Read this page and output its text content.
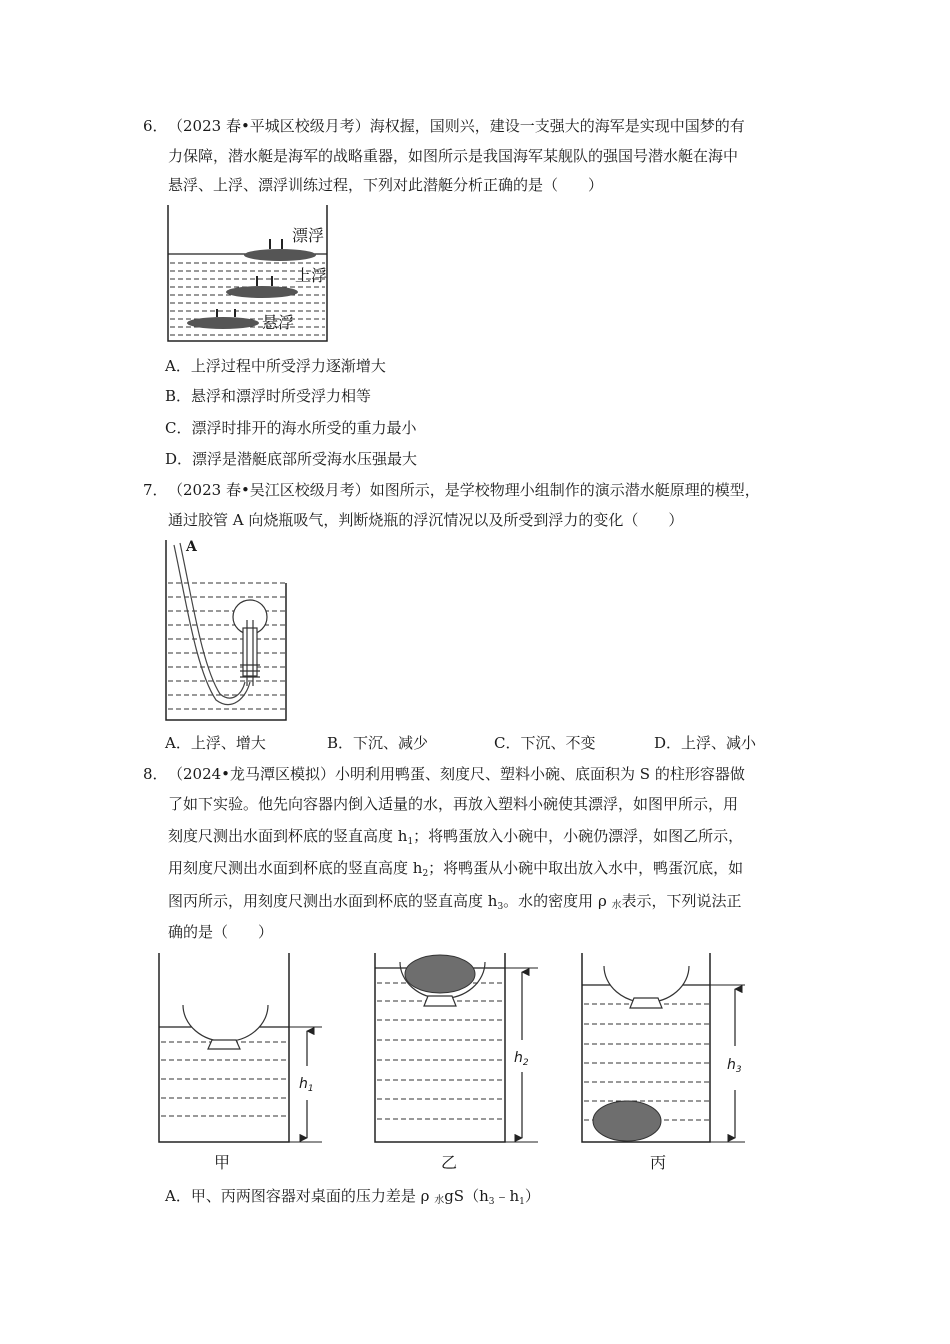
6． （2023 春•平城区校级月考）海权握，国则兴，建设一支强大的海军是实现中国梦的有
力保障，潜水艇是海军的战略重器，如图所示是我国海军某舰队的强国号潜水艇在海中
悬浮、上浮、漂浮训练过程，下列对此潜艇分析正确的是（　　）
漂浮
上浮
悬浮
A．上浮过程中所受浮力逐渐增大
B．悬浮和漂浮时所受浮力相等
C．漂浮时排开的海水所受的重力最小
D．漂浮是潜艇底部所受海水压强最大
7． （2023 春•吴江区校级月考）如图所示，是学校物理小组制作的演示潜水艇原理的模型，
通过胶管 A 向烧瓶吸气，判断烧瓶的浮沉情况以及所受到浮力的变化（　　）
A
A．上浮、增大	B．下沉、减少	C．下沉、不变	D．上浮、减小
8． （2024•龙马潭区模拟）小明利用鸭蛋、刻度尺、塑料小碗、底面积为 S 的柱形容器做
了如下实验。他先向容器内倒入适量的水，再放入塑料小碗使其漂浮，如图甲所示，用
刻度尺测出水面到杯底的竖直高度 $h_1$；将鸭蛋放入小碗中，小碗仍漂浮，如图乙所示，
用刻度尺测出水面到杯底的竖直高度 $h_2$；将鸭蛋从小碗中取出放入水中，鸭蛋沉底，如
图丙所示，用刻度尺测出水面到杯底的竖直高度 $h_3$。水的密度用 ρ 水表示，下列说法正
确的是（　　）
$h_1$
$h_2$	$h_3$
甲	乙	丙
A．甲、丙两图容器对桌面的压力差是 ρ 水$gS(h_3﹣h_1)$
